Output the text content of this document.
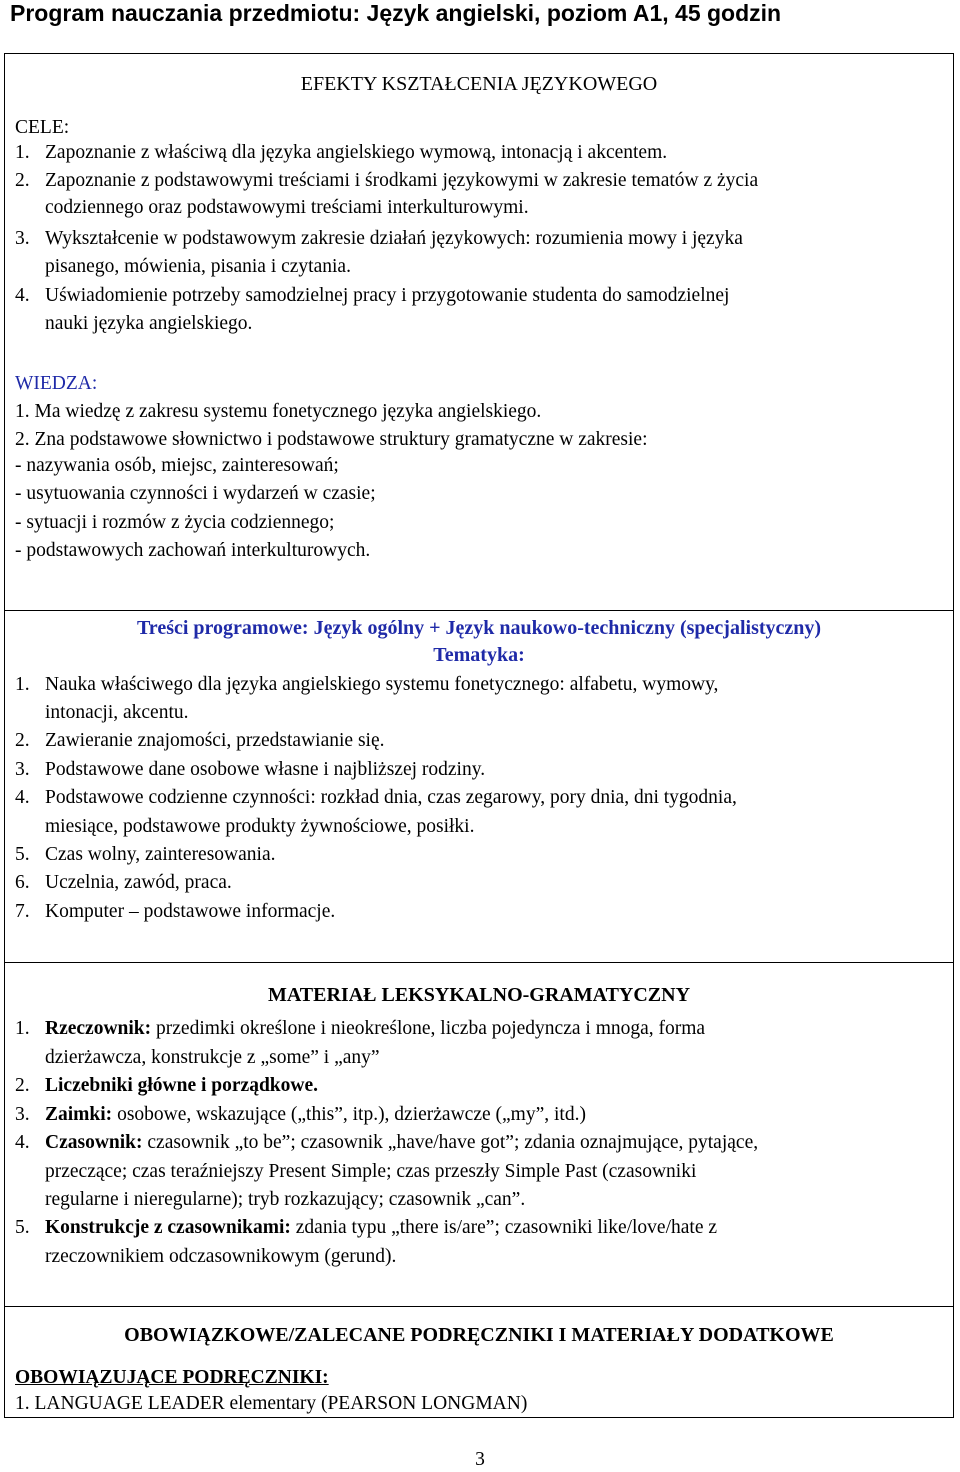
Program nauczania przedmiotu: Język angielski, poziom A1, 45 godzin
EFEKTY KSZTAŁCENIA JĘZYKOWEGO
CELE:
1. Zapoznanie z właściwą dla języka angielskiego wymową, intonacją i akcentem.
2. Zapoznanie z podstawowymi treściami i środkami językowymi w zakresie tematów z życia
codziennego oraz podstawowymi treściami interkulturowymi.
3. Wykształcenie w podstawowym zakresie działań językowych: rozumienia mowy i języka
pisanego, mówienia, pisania i czytania.
4. Uświadomienie potrzeby samodzielnej pracy i przygotowanie studenta do samodzielnej
nauki języka angielskiego.
WIEDZA:
1. Ma wiedzę z zakresu systemu fonetycznego języka angielskiego.
2. Zna podstawowe słownictwo i podstawowe struktury gramatyczne w zakresie:
- nazywania osób, miejsc, zainteresowań;
- usytuowania czynności i wydarzeń w czasie;
- sytuacji i rozmów z życia codziennego;
- podstawowych zachowań interkulturowych.
Treści programowe: Język ogólny + Język naukowo-techniczny (specjalistyczny)
Tematyka:
1. Nauka właściwego dla języka angielskiego systemu fonetycznego: alfabetu, wymowy,
intonacji, akcentu.
2. Zawieranie znajomości, przedstawianie się.
3. Podstawowe dane osobowe własne i najbliższej rodziny.
4. Podstawowe codzienne czynności: rozkład dnia, czas zegarowy, pory dnia, dni tygodnia,
miesiące, podstawowe produkty żywnościowe, posiłki.
5. Czas wolny, zainteresowania.
6. Uczelnia, zawód, praca.
7. Komputer – podstawowe informacje.
MATERIAŁ LEKSYKALNO-GRAMATYCZNY
1. Rzeczownik: przedimki określone i nieokreślone, liczba pojedyncza i mnoga, forma
dzierżawcza, konstrukcje z „some” i „any”
2. Liczebniki główne i porządkowe.
3. Zaimki: osobowe, wskazujące („this”, itp.), dzierżawcze („my”, itd.)
4. Czasownik: czasownik „to be”; czasownik „have/have got”; zdania oznajmujące, pytające,
przeczące; czas teraźniejszy Present Simple; czas przeszły Simple Past (czasowniki
regularne i nieregularne); tryb rozkazujący; czasownik „can”.
5. Konstrukcje z czasownikami: zdania typu „there is/are”; czasowniki like/love/hate z
rzeczownikiem odczasownikowym (gerund).
OBOWIĄZKOWE/ZALECANE PODRĘCZNIKI I MATERIAŁY DODATKOWE
OBOWIĄZUJĄCE PODRĘCZNIKI:
1. LANGUAGE LEADER elementary (PEARSON LONGMAN)
3
